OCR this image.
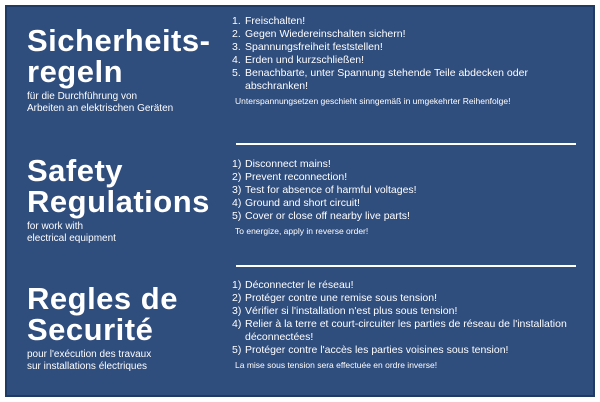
Sicherheits-
regeln
für die Durchführung von
Arbeiten an elektrischen Geräten
1. Freischalten!
2. Gegen Wiedereinschalten sichern!
3. Spannungsfreiheit feststellen!
4. Erden und kurzschließen!
5. Benachbarte, unter Spannung stehende Teile abdecken oder abschranken!
Unterspannungsetzen geschieht sinngemäß in umgekehrter Reihenfolge!
Safety
Regulations
for work with
electrical equipment
1) Disconnect mains!
2) Prevent reconnection!
3) Test for absence of harmful voltages!
4) Ground and short circuit!
5) Cover or close off nearby live parts!
To energize, apply in reverse order!
Regles de
Securité
pour l'exécution des travaux
sur installations électriques
1) Déconnecter le réseau!
2) Protéger contre une remise sous tension!
3) Vérifier si l'installation n'est plus sous tension!
4) Relier à la terre et court-circuiter les parties de réseau de l'installation déconnectées!
5) Protéger contre l'accès les parties voisines sous tension!
La mise sous tension sera effectuée en ordre inverse!
